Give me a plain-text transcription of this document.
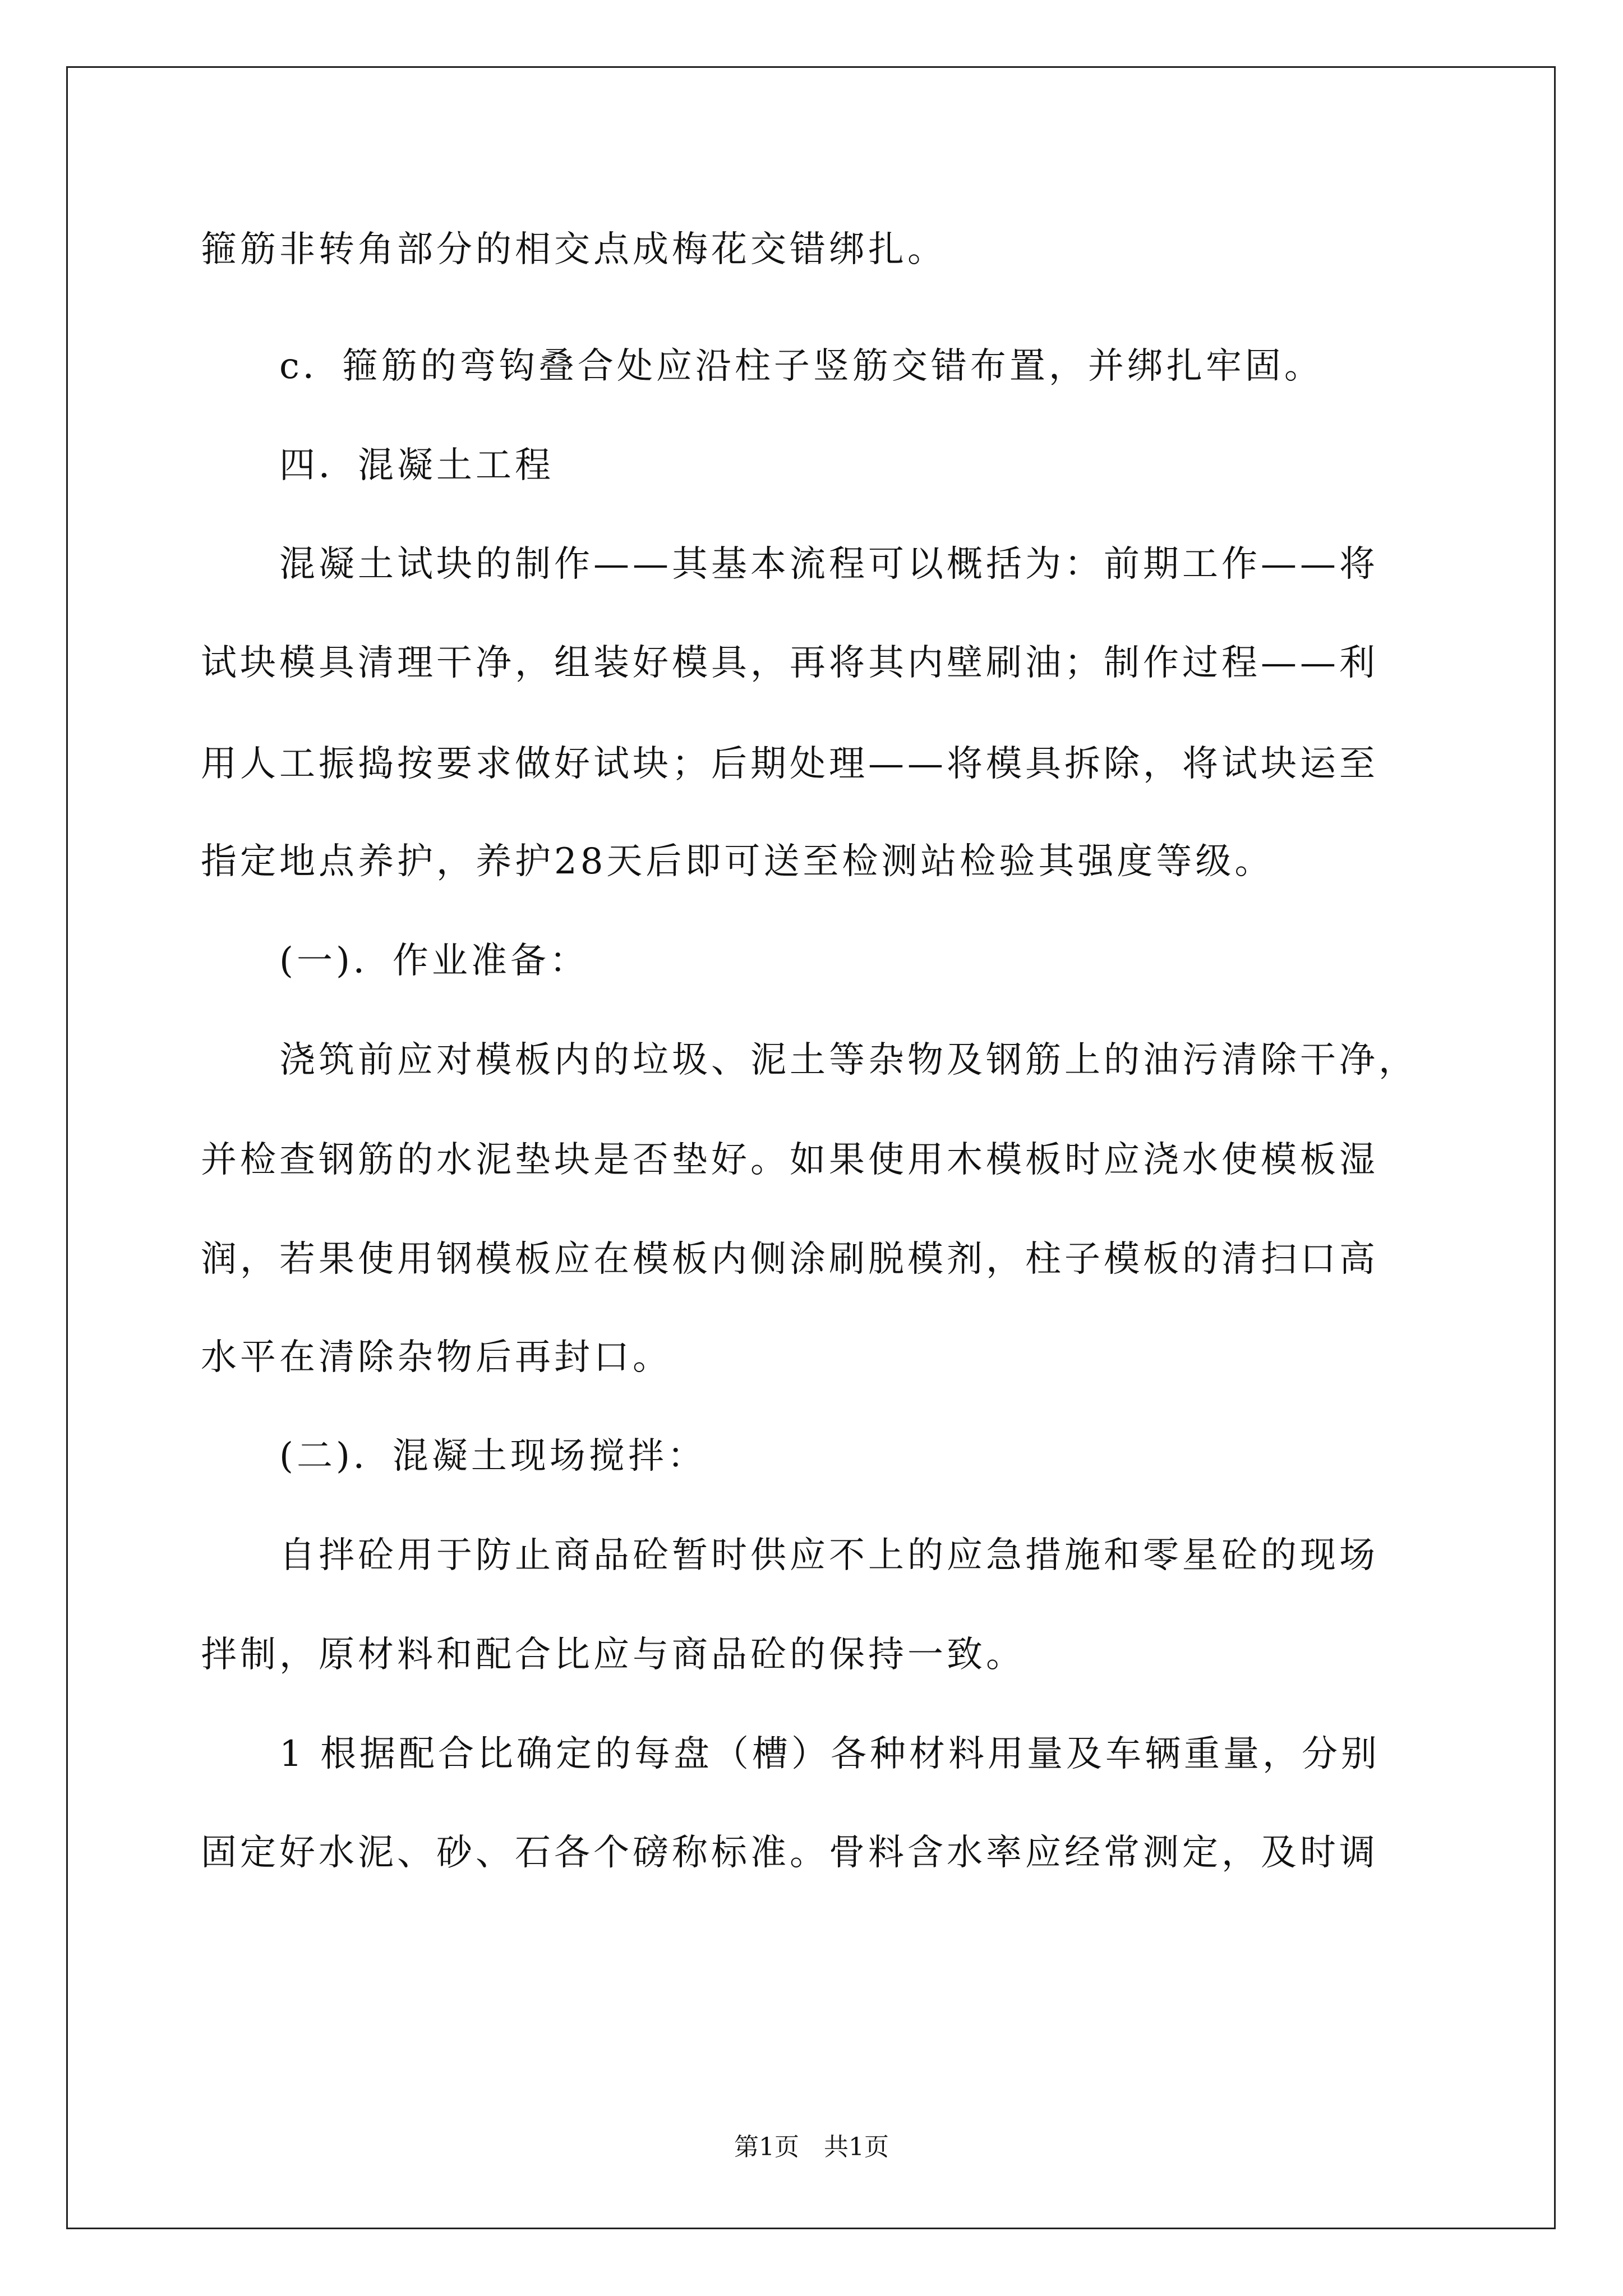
箍筋非转角部分的相交点成梅花交错绑扎。
c．箍筋的弯钩叠合处应沿柱子竖筋交错布置，并绑扎牢固。
四．混凝土工程
混凝土试块的制作——其基本流程可以概括为：前期工作——将
试块模具清理干净，组装好模具，再将其内壁刷油；制作过程——利
用人工振捣按要求做好试块；后期处理——将模具拆除，将试块运至
指定地点养护，养护28天后即可送至检测站检验其强度等级。
(一)．作业准备：
浇筑前应对模板内的垃圾、泥土等杂物及钢筋上的油污清除干净，
并检查钢筋的水泥垫块是否垫好。如果使用木模板时应浇水使模板湿
润，若果使用钢模板应在模板内侧涂刷脱模剂，柱子模板的清扫口高
水平在清除杂物后再封口。
(二)．混凝土现场搅拌：
自拌砼用于防止商品砼暂时供应不上的应急措施和零星砼的现场
拌制，原材料和配合比应与商品砼的保持一致。
1 根据配合比确定的每盘（槽）各种材料用量及车辆重量，分别
固定好水泥、砂、石各个磅称标准。骨料含水率应经常测定，及时调
第1页　共1页
